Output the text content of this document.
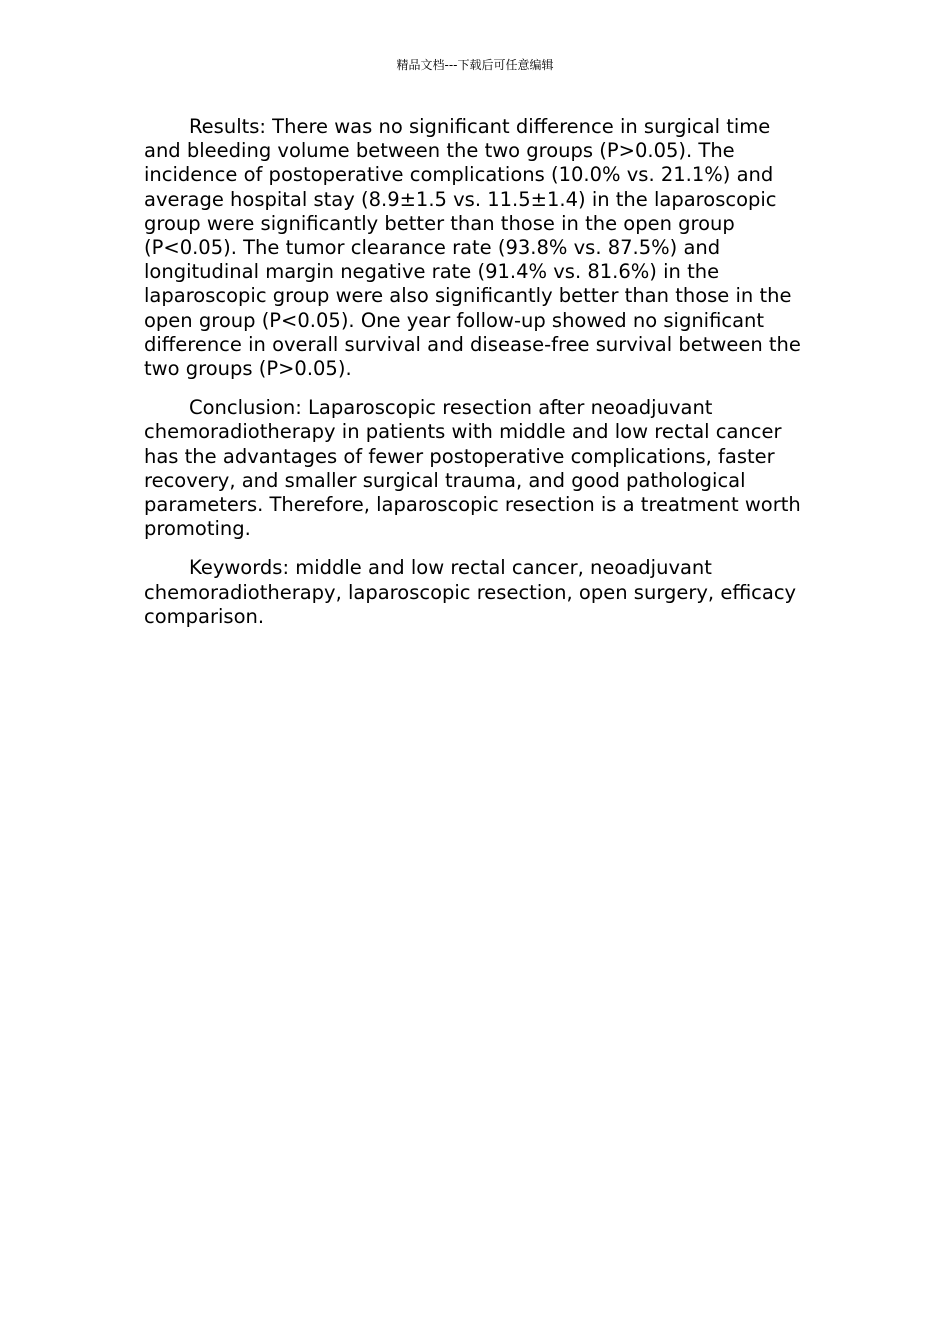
精品文档---下载后可任意编辑

Results: There was no significant difference in surgical time and bleeding volume between the two groups (P>0.05). The incidence of postoperative complications (10.0% vs. 21.1%) and average hospital stay (8.9±1.5 vs. 11.5±1.4) in the laparoscopic group were significantly better than those in the open group (P<0.05). The tumor clearance rate (93.8% vs. 87.5%) and longitudinal margin negative rate (91.4% vs. 81.6%) in the laparoscopic group were also significantly better than those in the open group (P<0.05). One year follow-up showed no significant difference in overall survival and disease-free survival between the two groups (P>0.05).

Conclusion: Laparoscopic resection after neoadjuvant chemoradiotherapy in patients with middle and low rectal cancer has the advantages of fewer postoperative complications, faster recovery, and smaller surgical trauma, and good pathological parameters. Therefore, laparoscopic resection is a treatment worth promoting.

Keywords: middle and low rectal cancer, neoadjuvant chemoradiotherapy, laparoscopic resection, open surgery, efficacy comparison.
